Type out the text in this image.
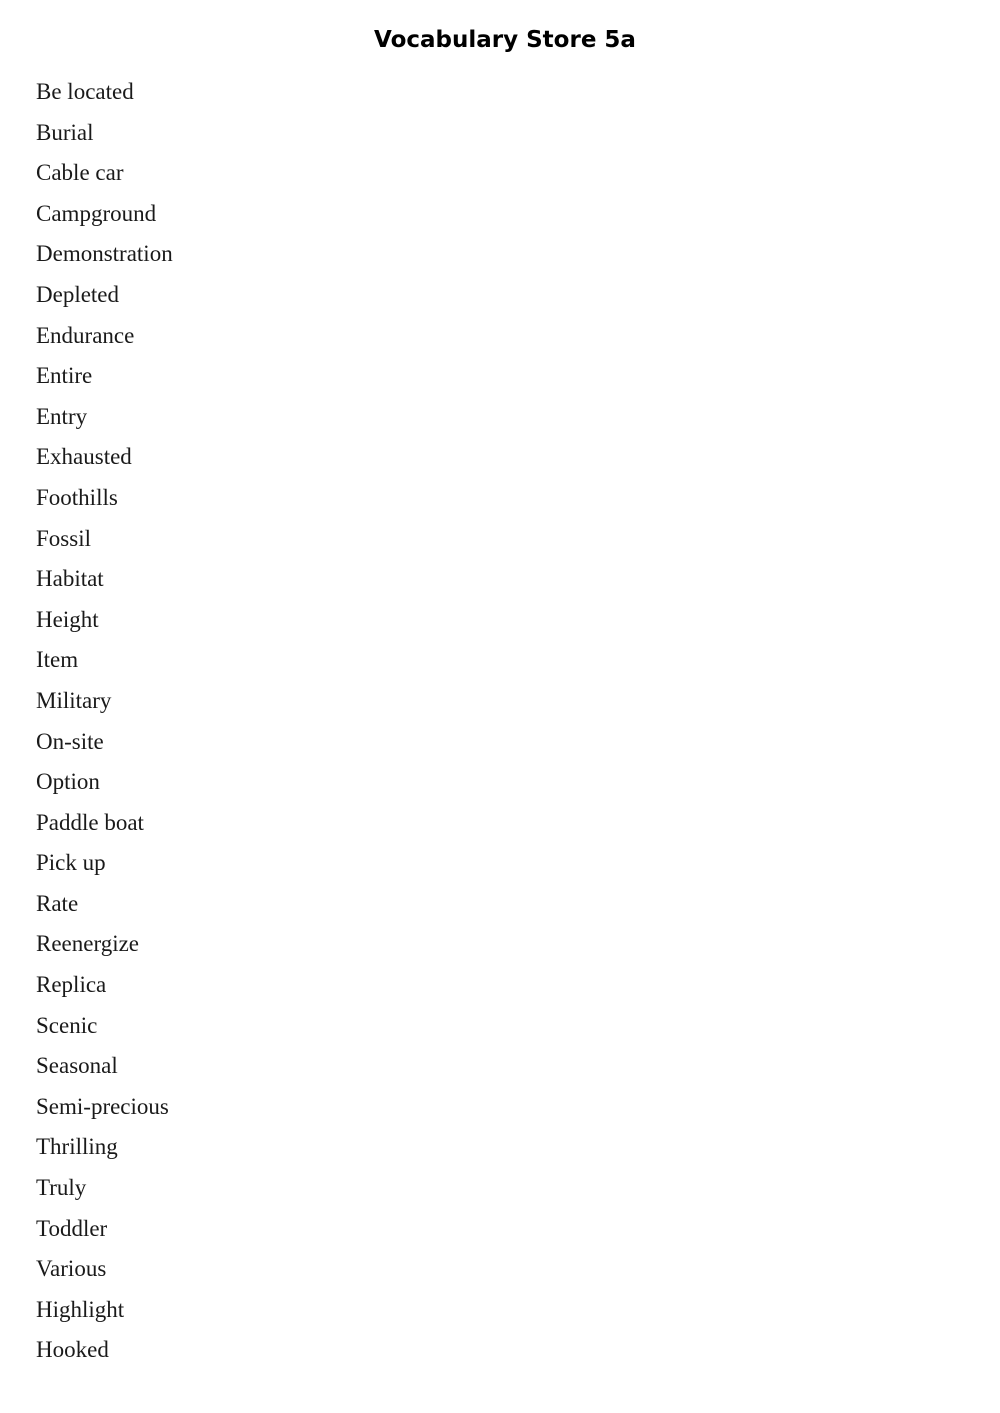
Vocabulary Store 5a
Be located
Burial
Cable car
Campground
Demonstration
Depleted
Endurance
Entire
Entry
Exhausted
Foothills
Fossil
Habitat
Height
Item
Military
On-site
Option
Paddle boat
Pick up
Rate
Reenergize
Replica
Scenic
Seasonal
Semi-precious
Thrilling
Truly
Toddler
Various
Highlight
Hooked
